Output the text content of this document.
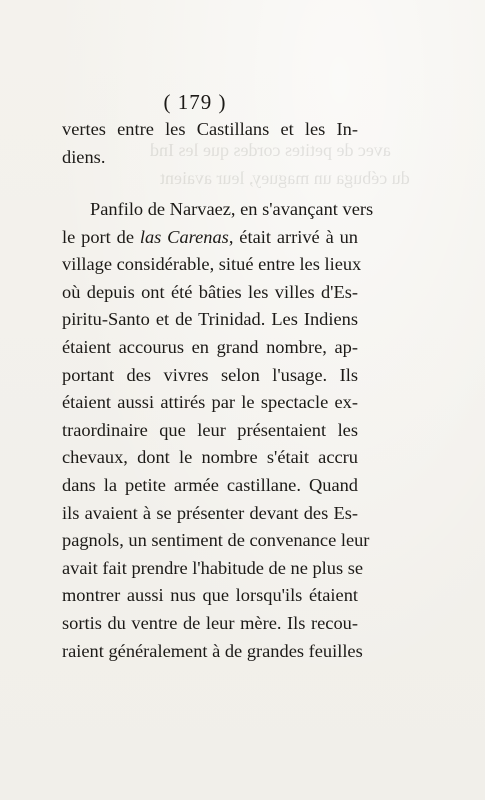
avec de petites cordes que les Ind
du cébuga un maguey, leur avaient
( 179 )
vertes entre les Castillans et les In-
diens.
Panfilo de Narvaez, en s'avançant vers
le port de las Carenas, était arrivé à un
village considérable, situé entre les lieux
où depuis ont été bâties les villes d'Es-
piritu-Santo et de Trinidad. Les Indiens
étaient accourus en grand nombre, ap-
portant des vivres selon l'usage. Ils
étaient aussi attirés par le spectacle ex-
traordinaire que leur présentaient les
chevaux, dont le nombre s'était accru
dans la petite armée castillane. Quand
ils avaient à se présenter devant des Es-
pagnols, un sentiment de convenance leur
avait fait prendre l'habitude de ne plus se
montrer aussi nus que lorsqu'ils étaient
sortis du ventre de leur mère. Ils recou-
raient généralement à de grandes feuilles
